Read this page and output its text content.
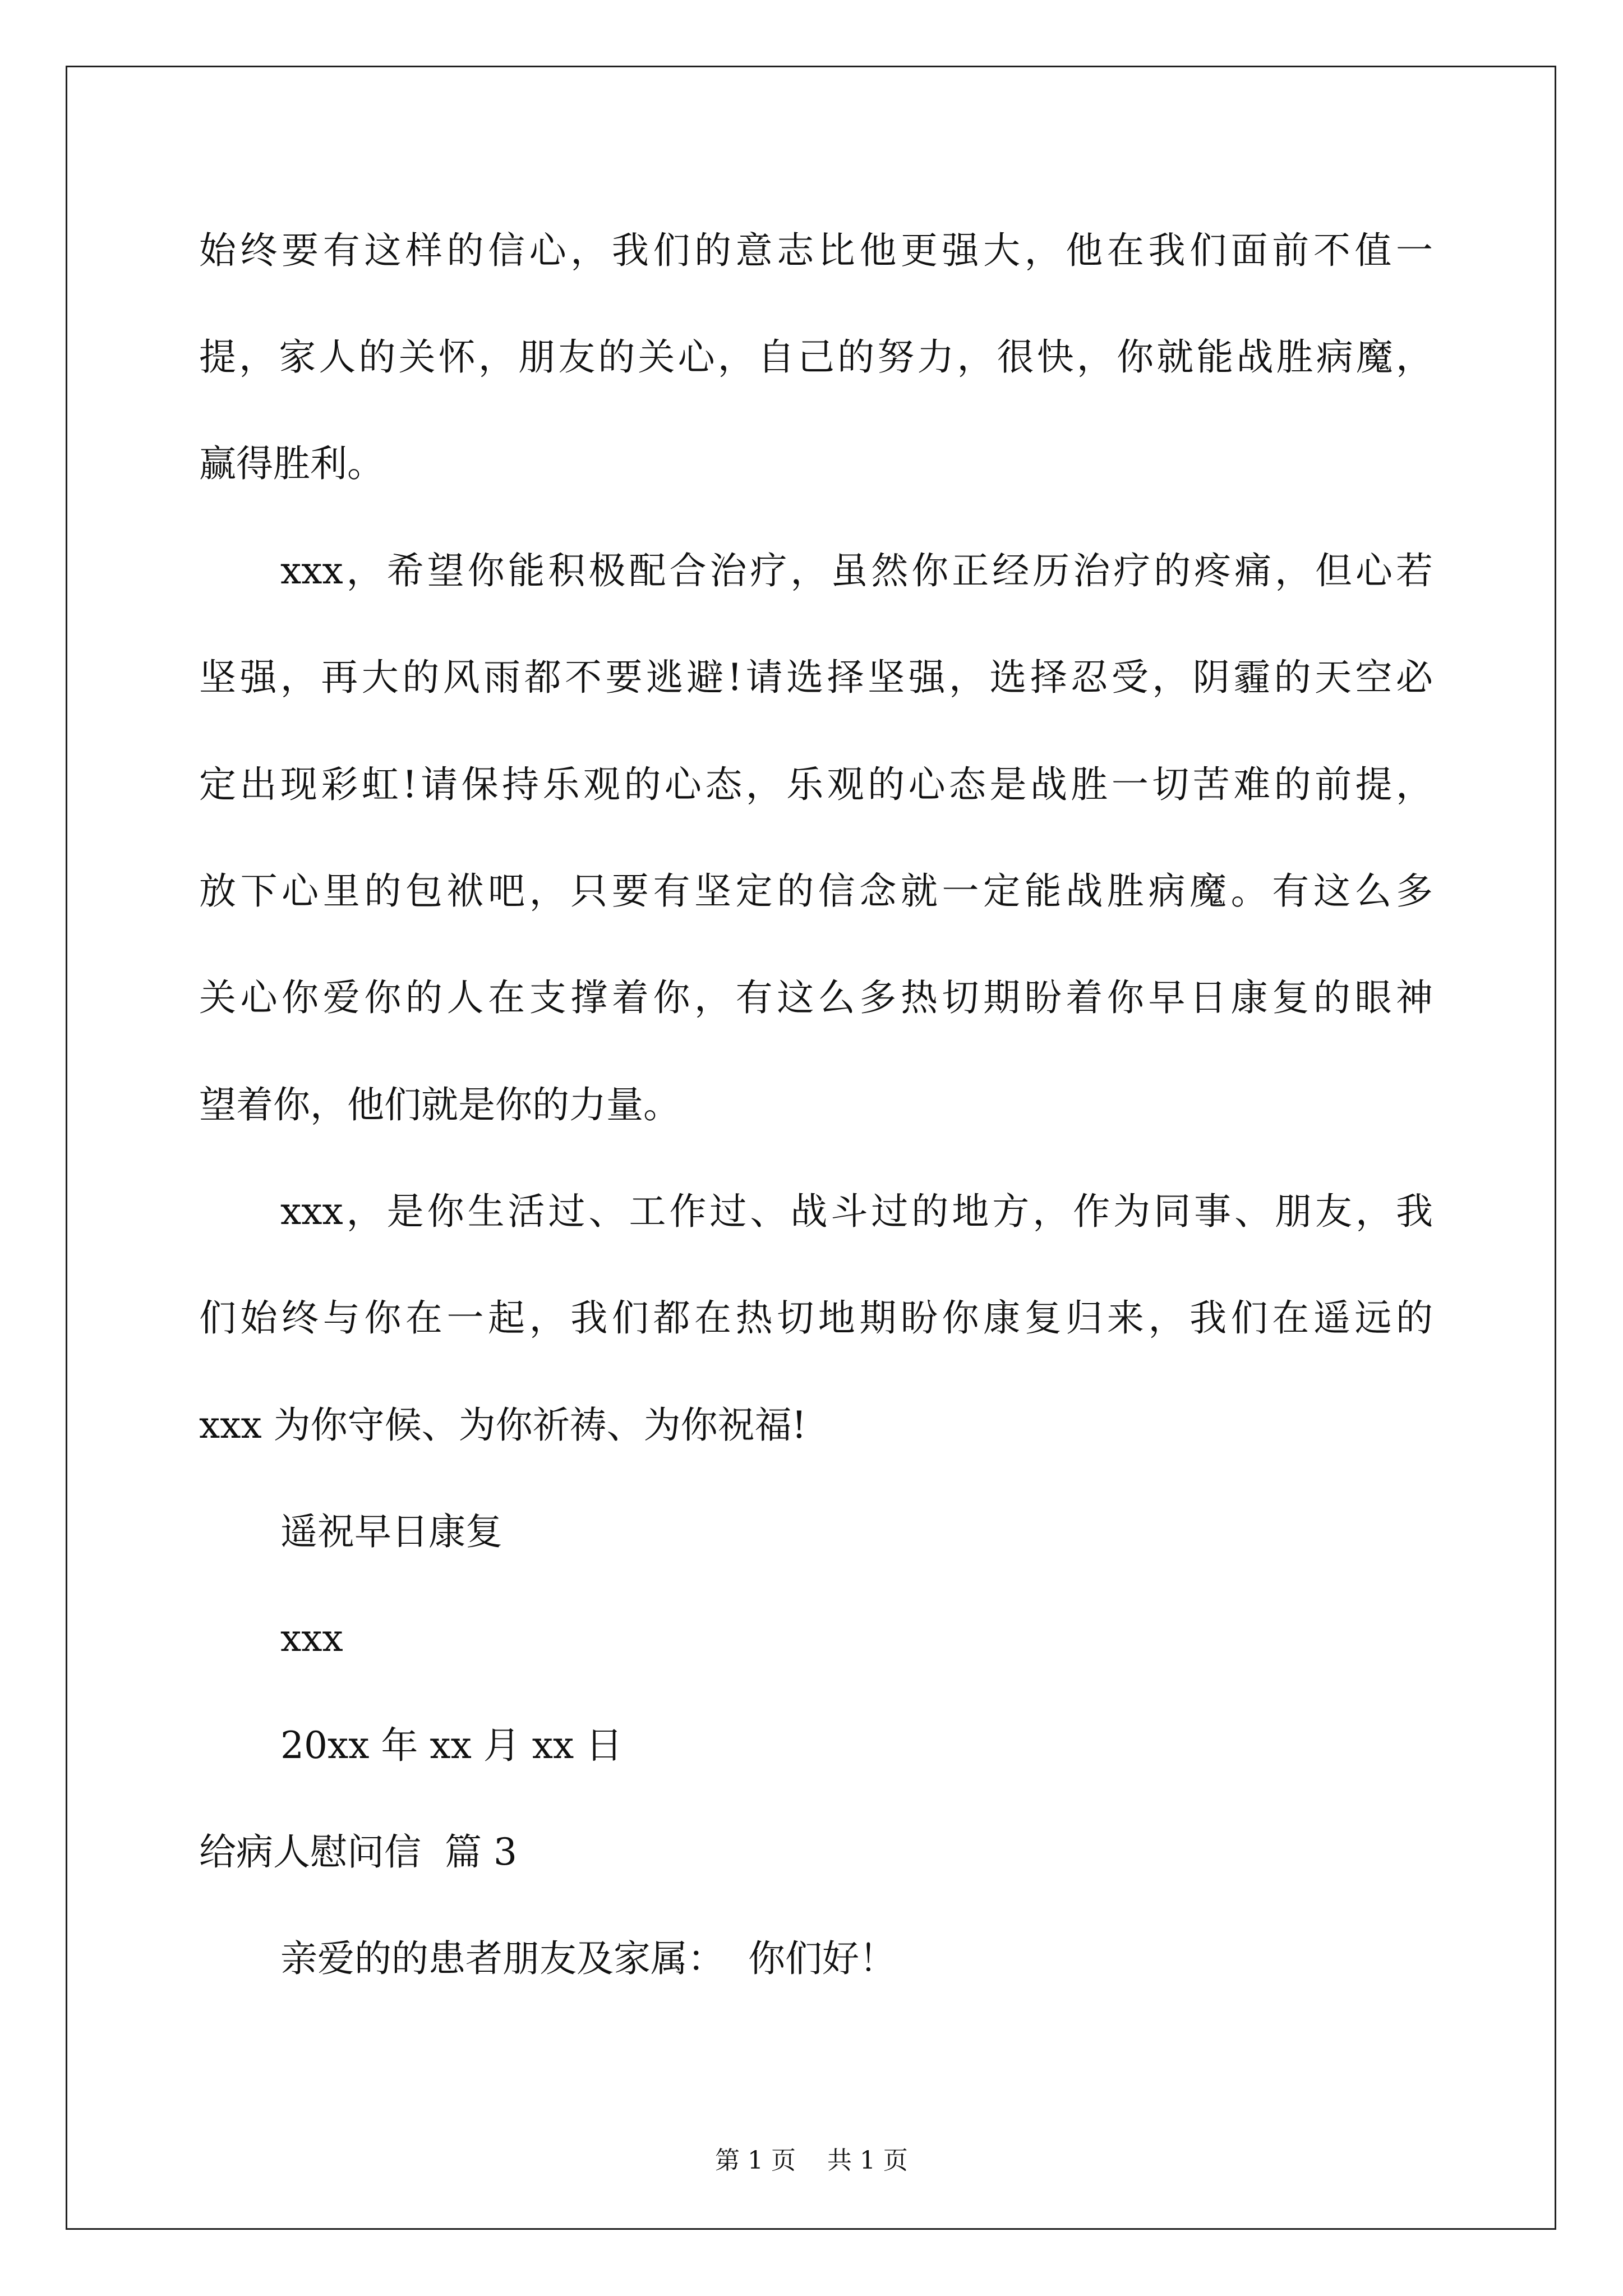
始终要有这样的信心，我们的意志比他更强大，他在我们面前不值一
提，家人的关怀，朋友的关心，自己的努力，很快，你就能战胜病魔，
赢得胜利。
xxx，希望你能积极配合治疗，虽然你正经历治疗的疼痛，但心若
坚强，再大的风雨都不要逃避!请选择坚强，选择忍受，阴霾的天空必
定出现彩虹!请保持乐观的心态，乐观的心态是战胜一切苦难的前提，
放下心里的包袱吧，只要有坚定的信念就一定能战胜病魔。有这么多
关心你爱你的人在支撑着你，有这么多热切期盼着你早日康复的眼神
望着你，他们就是你的力量。
xxx，是你生活过、工作过、战斗过的地方，作为同事、朋友，我
们始终与你在一起，我们都在热切地期盼你康复归来，我们在遥远的
xxx 为你守候、为你祈祷、为你祝福!
遥祝早日康复
xxx
20xx 年 xx 月 xx 日
给病人慰问信  篇 3
亲爱的的患者朋友及家属：  你们好！
第 1 页    共 1 页
